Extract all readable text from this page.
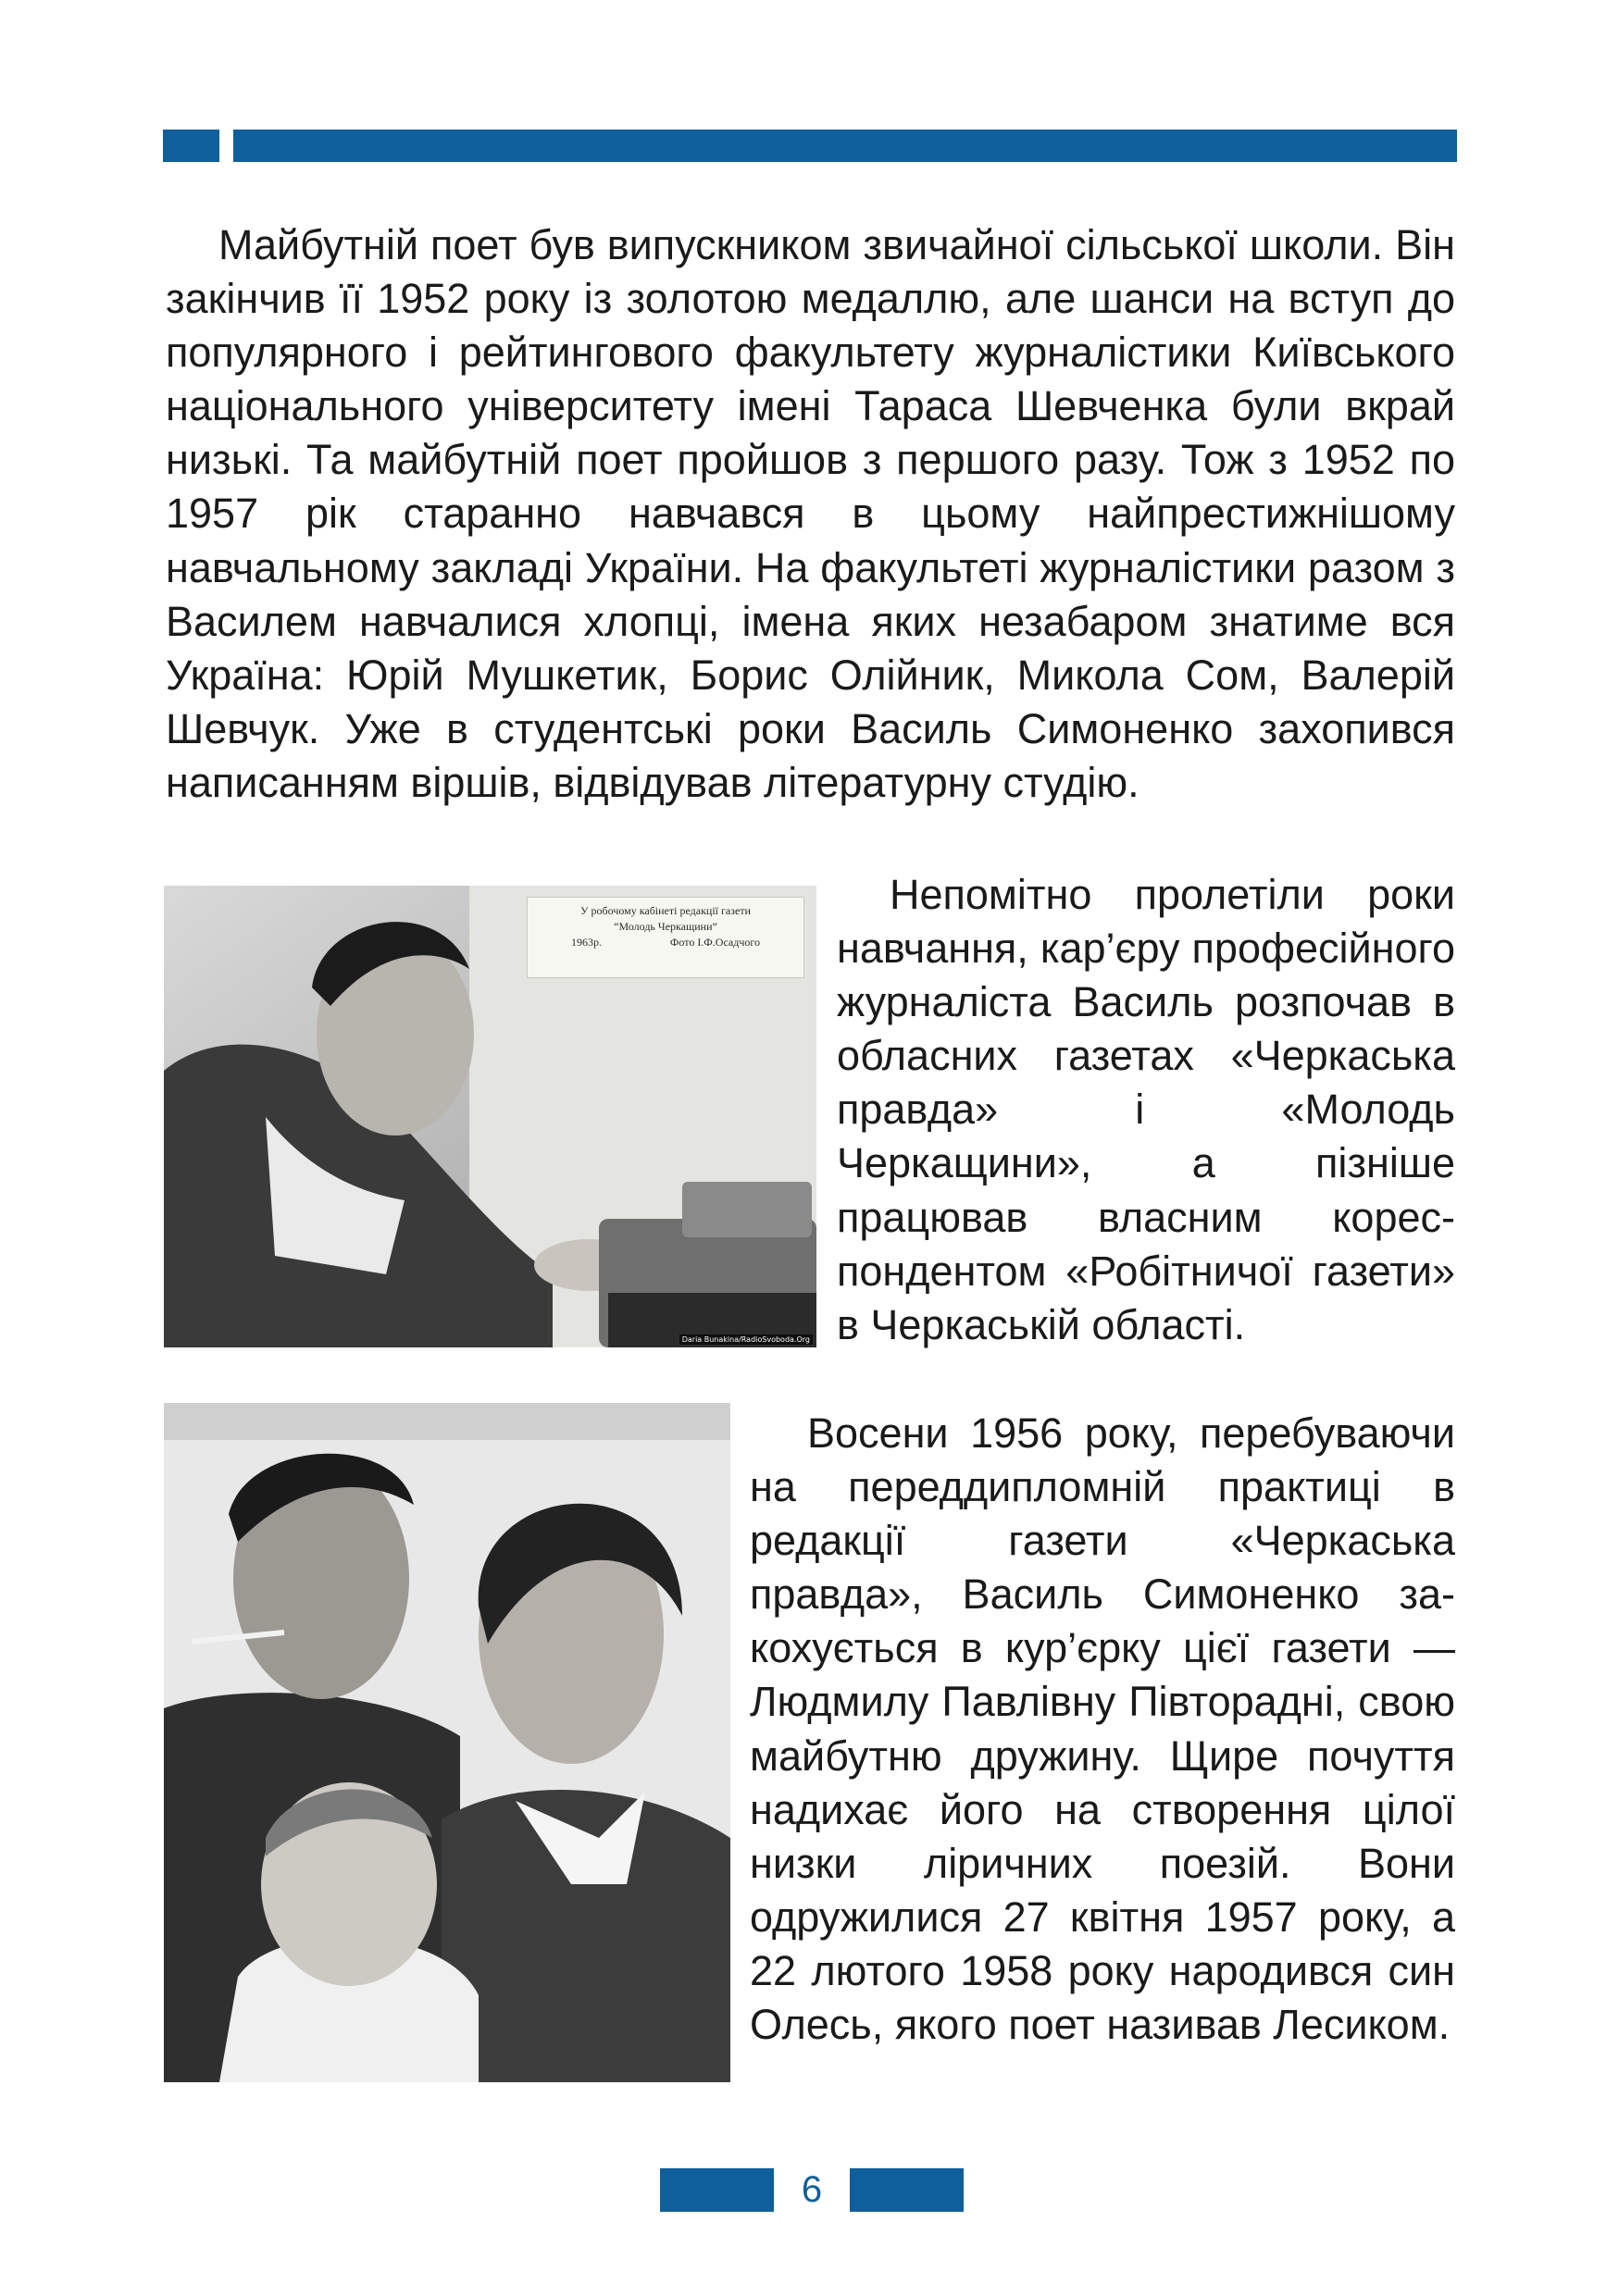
Майбутній поет був випускником звичайної сільської школи. Він закінчив її 1952 року із золотою медаллю, але шанси на вступ до популярного і рейтингового факультету журналістики Київського національного університету імені Тараса Шевченка були вкрай низькі. Та майбутній поет пройшов з першого разу. Тож з 1952 по 1957 рік старанно навчався в цьому найпрестижнішому навчальному закладі України. На факультеті журналістики разом з Василем навчалися хлопці, імена яких незабаром знатиме вся Україна: Юрій Мушкетик, Борис Олійник, Микола Сом, Валерій Шевчук. Уже в студентські роки Василь Симоненко захопився написанням віршів, відвідував літературну студію.

У робочому кабінеті редакції газети
“Молодь Черкащини”
1963р.	Фото І.Ф.Осадчого
Daria Bunakina/RadioSvoboda.Org

Непомітно пролетіли роки навчання, кар’єру професійного журналіста Василь розпочав в обласних газетах «Черкаська правда» і «Молодь Черкащини», а пізніше працював власним кореспондентом «Робітничої газети» в Черкаській області.

Восени 1956 року, перебуваючи на переддипломній практиці в редакції газети «Черкаська правда», Василь Симоненко закохується в кур’єрку цієї газети — Людмилу Павлівну Півторадні, свою майбутню дружину. Щире почуття надихає його на створення цілої низки ліричних поезій. Вони одружилися 27 квітня 1957 року, а 22 лютого 1958 року народився син Олесь, якого поет називав Лесиком.

6
